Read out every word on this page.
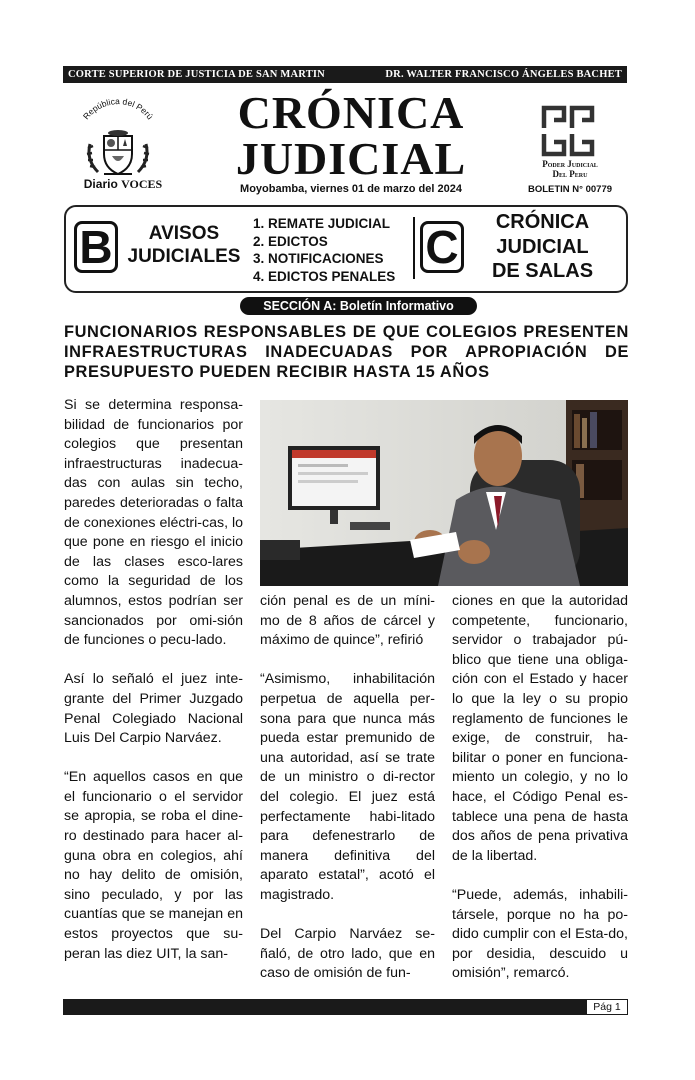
CORTE SUPERIOR DE JUSTICIA DE SAN MARTIN	DR. WALTER FRANCISCO ÁNGELES BACHET
República del Perú
Diario VOCES
CRÓNICA
JUDICIAL
Moyobamba, viernes 01 de marzo del 2024
Poder Judicial
Del Peru
BOLETIN N° 00779
B	AVISOS
JUDICIALES
1. REMATE JUDICIAL
2. EDICTOS
3. NOTIFICACIONES
4. EDICTOS PENALES
C	CRÓNICA
JUDICIAL
DE SALAS
SECCIÓN A: Boletín Informativo
FUNCIONARIOS RESPONSABLES DE QUE COLEGIOS PRESENTEN INFRAESTRUCTURAS INADECUADAS POR APROPIACIÓN DE PRESUPUESTO PUEDEN RECIBIR HASTA 15 AÑOS

Si se determina responsa-bilidad de funcionarios por colegios que presentan infraestructuras inadecua-das con aulas sin techo, paredes deterioradas o falta de conexiones eléctri-cas, lo que pone en riesgo el inicio de las clases esco-lares como la seguridad de los alumnos, estos podrían ser sancionados por omi-sión de funciones o pecu-lado.

Así lo señaló el juez inte-grante del Primer Juzgado Penal Colegiado Nacional Luis Del Carpio Narváez.

“En aquellos casos en que el funcionario o el servidor se apropia, se roba el dine-ro destinado para hacer al-guna obra en colegios, ahí no hay delito de omisión, sino peculado, y por las cuantías que se manejan en estos proyectos que su-peran las diez UIT, la san-

ción penal es de un míni-mo de 8 años de cárcel y máximo de quince”, refirió

“Asimismo, inhabilitación perpetua de aquella per-sona para que nunca más pueda estar premunido de una autoridad, así se trate de un ministro o di-rector del colegio. El juez está perfectamente habi-litado para defenestrarlo de manera definitiva del aparato estatal”, acotó el magistrado.

Del Carpio Narváez se-ñaló, de otro lado, que en caso de omisión de fun-

ciones en que la autoridad competente, funcionario, servidor o trabajador pú-blico que tiene una obliga-ción con el Estado y hacer lo que la ley o su propio reglamento de funciones le exige, de construir, ha-bilitar o poner en funciona-miento un colegio, y no lo hace, el Código Penal es-tablece una pena de hasta dos años de pena privativa de la libertad.

“Puede, además, inhabili-társele, porque no ha po-dido cumplir con el Esta-do, por desidia, descuido u omisión”, remarcó.

Pág 1
